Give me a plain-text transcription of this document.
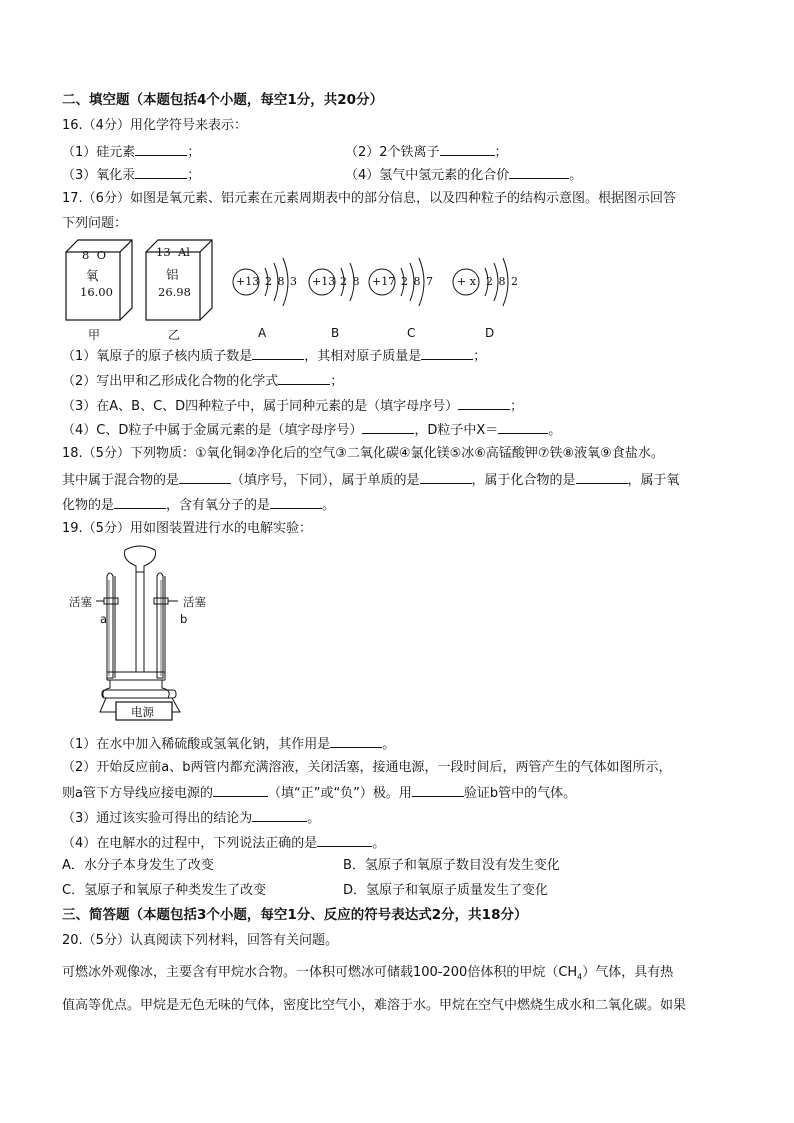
二、填空题（本题包括4个小题，每空1分，共20分）
16.（4分）用化学符号来表示：
（1）硅元素	；	（2）2个铁离子	；
（3）氧化汞	；	（4）氢气中氢元素的化合价	。
17.（6分）如图是氧元素、铝元素在元素周期表中的部分信息，以及四种粒子的结构示意图。根据图示回答
下列问题：
8 O
氧
16.00
甲
13 Al
铝
26.98
乙
+13 2 8 3
A
+13 2 8
B
+17 2 8 7
C
+ x 2 8 2
D
（1）氧原子的原子核内质子数是	，其相对原子质量是	；
（2）写出甲和乙形成化合物的化学式	；
（3）在A、B、C、D四种粒子中，属于同种元素的是（填字母序号）	；
（4）C、D粒子中属于金属元素的是（填字母序号）	，D粒子中X＝	。
18.（5分）下列物质：①氧化铜②净化后的空气③二氧化碳④氯化镁⑤冰⑥高锰酸钾⑦铁⑧液氧⑨食盐水。
其中属于混合物的是	（填序号，下同），属于单质的是	，属于化合物的是	，属于氧
化物的是	，含有氧分子的是	。
19.（5分）用如图装置进行水的电解实验：
活塞	活塞
a	b
电源
（1）在水中加入稀硫酸或氢氧化钠，其作用是	。
（2）开始反应前a、b两管内都充满溶液，关闭活塞，接通电源，一段时间后，两管产生的气体如图所示，
则a管下方导线应接电源的	（填“正”或“负”）极。用	验证b管中的气体。
（3）通过该实验可得出的结论为	。
（4）在电解水的过程中，下列说法正确的是	。
A．水分子本身发生了改变	B．氢原子和氧原子数目没有发生变化
C．氢原子和氧原子种类发生了改变	D．氢原子和氧原子质量发生了变化
三、简答题（本题包括3个小题，每空1分、反应的符号表达式2分，共18分）
20.（5分）认真阅读下列材料，回答有关问题。
可燃冰外观像冰，主要含有甲烷水合物。一体积可燃冰可储载100-200倍体积的甲烷$(CH_4)$气体，具有热
值高等优点。甲烷是无色无味的气体，密度比空气小，难溶于水。甲烷在空气中燃烧生成水和二氧化碳。如果
